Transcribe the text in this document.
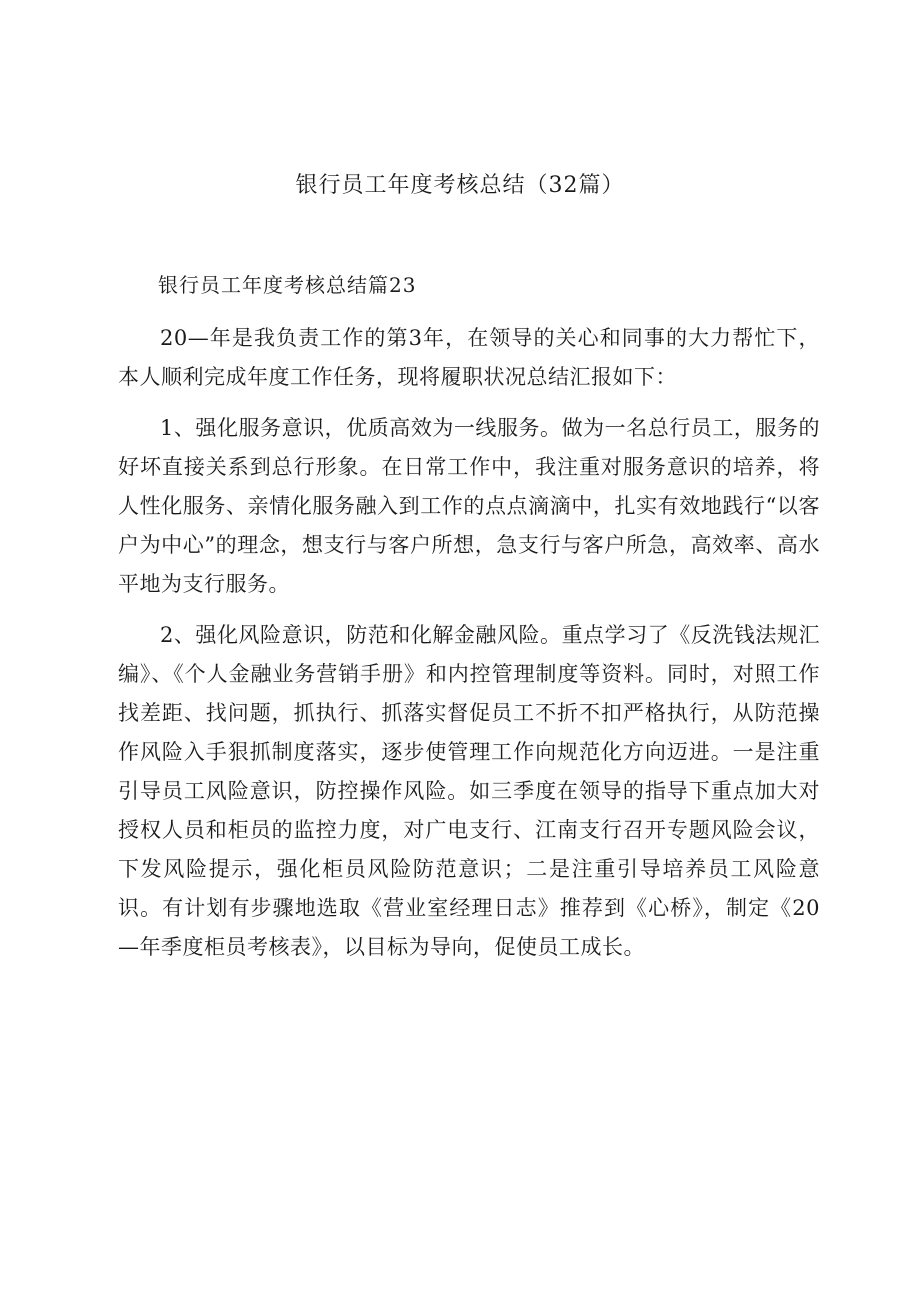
银行员工年度考核总结（32篇）

银行员工年度考核总结篇23

20—年是我负责工作的第3年，在领导的关心和同事的大力帮忙下，本人顺利完成年度工作任务，现将履职状况总结汇报如下：

1、强化服务意识，优质高效为一线服务。做为一名总行员工，服务的好坏直接关系到总行形象。在日常工作中，我注重对服务意识的培养，将人性化服务、亲情化服务融入到工作的点点滴滴中，扎实有效地践行“以客户为中心”的理念，想支行与客户所想，急支行与客户所急，高效率、高水平地为支行服务。

2、强化风险意识，防范和化解金融风险。重点学习了《反洗钱法规汇编》、《个人金融业务营销手册》和内控管理制度等资料。同时，对照工作找差距、找问题，抓执行、抓落实督促员工不折不扣严格执行，从防范操作风险入手狠抓制度落实，逐步使管理工作向规范化方向迈进。一是注重引导员工风险意识，防控操作风险。如三季度在领导的指导下重点加大对授权人员和柜员的监控力度，对广电支行、江南支行召开专题风险会议，下发风险提示，强化柜员风险防范意识；二是注重引导培养员工风险意识。有计划有步骤地选取《营业室经理日志》推荐到《心桥》，制定《20—年季度柜员考核表》，以目标为导向，促使员工成长。
